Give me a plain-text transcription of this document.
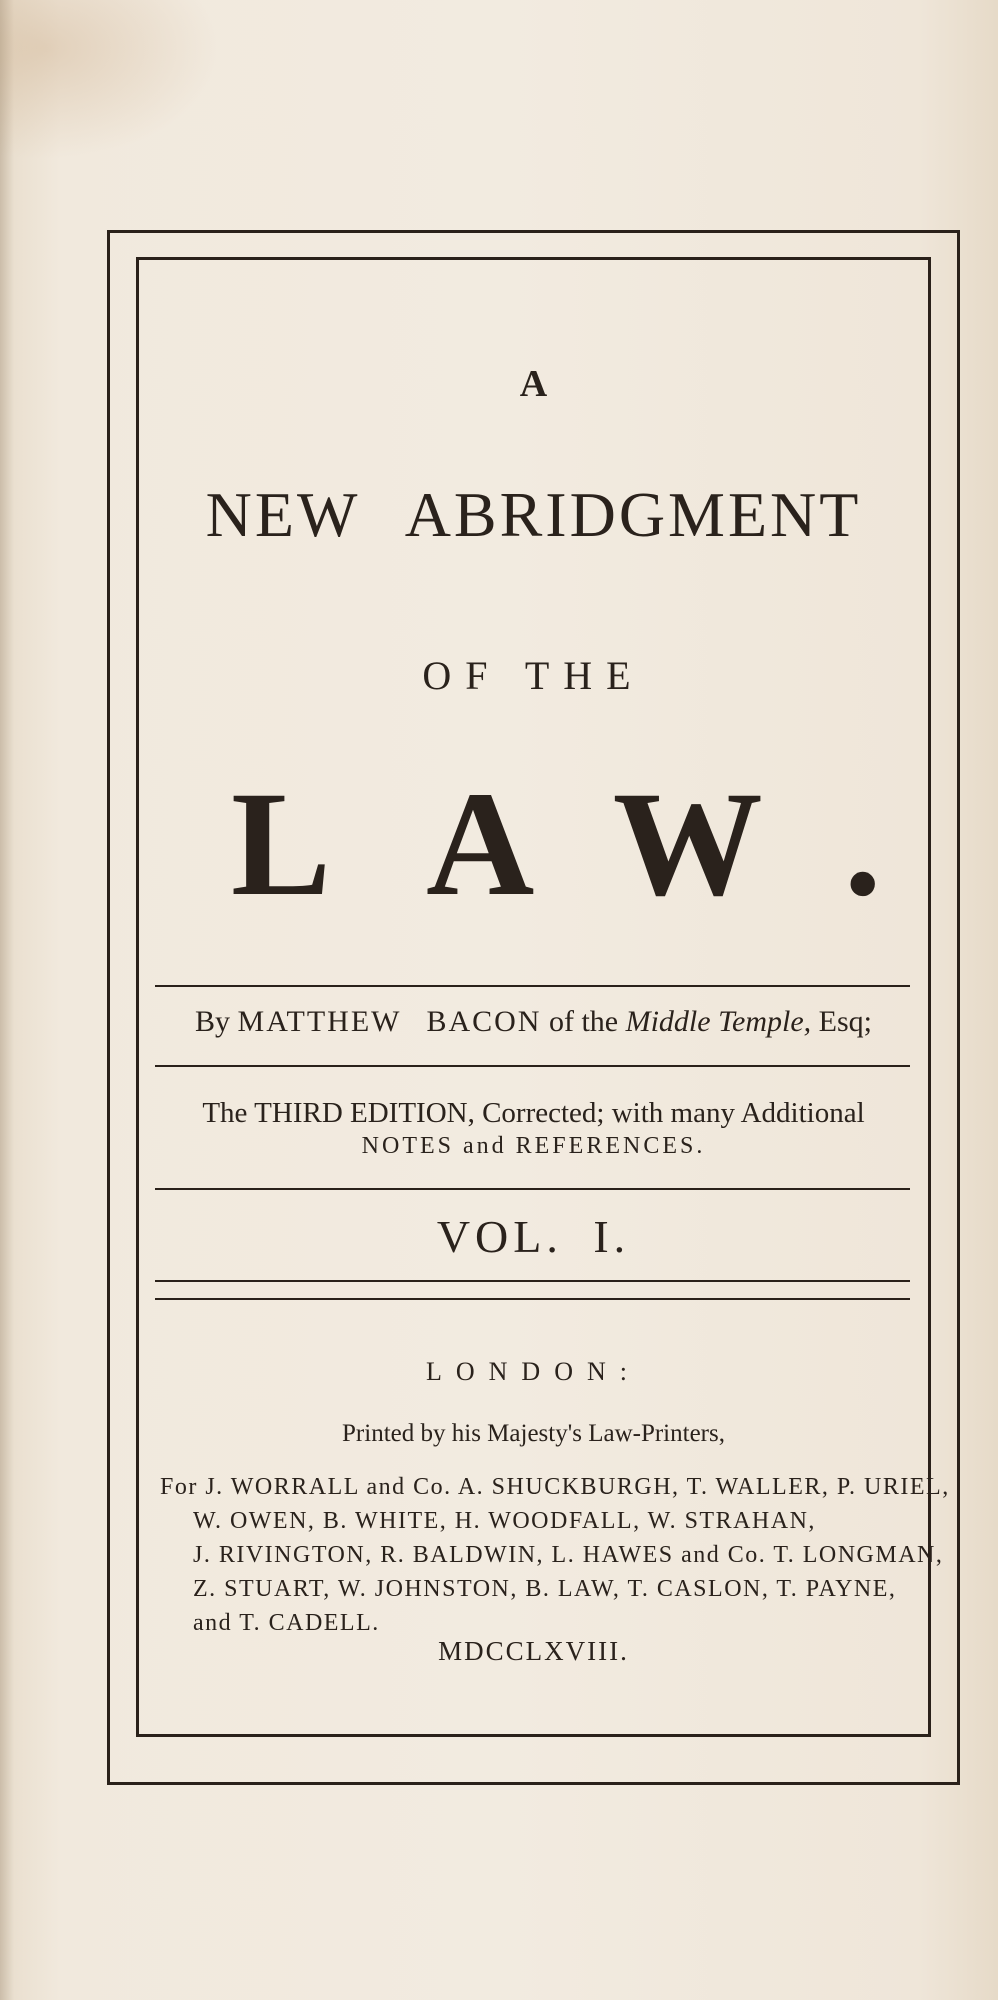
A
NEW ABRIDGMENT
OF THE
LAW.
By MATTHEW BACON of the Middle Temple, Esq;
The THIRD EDITION, Corrected; with many Additional
NOTES and REFERENCES.
VOL. I.
LONDON:
Printed by his Majesty's Law-Printers,
For J. WORRALL and Co. A. SHUCKBURGH, T. WALLER, P. URIEL,
W. OWEN, B. WHITE, H. WOODFALL, W. STRAHAN,
J. RIVINGTON, R. BALDWIN, L. HAWES and Co. T. LONGMAN,
Z. STUART, W. JOHNSTON, B. LAW, T. CASLON, T. PAYNE,
and T. CADELL.
MDCCLXVIII.
